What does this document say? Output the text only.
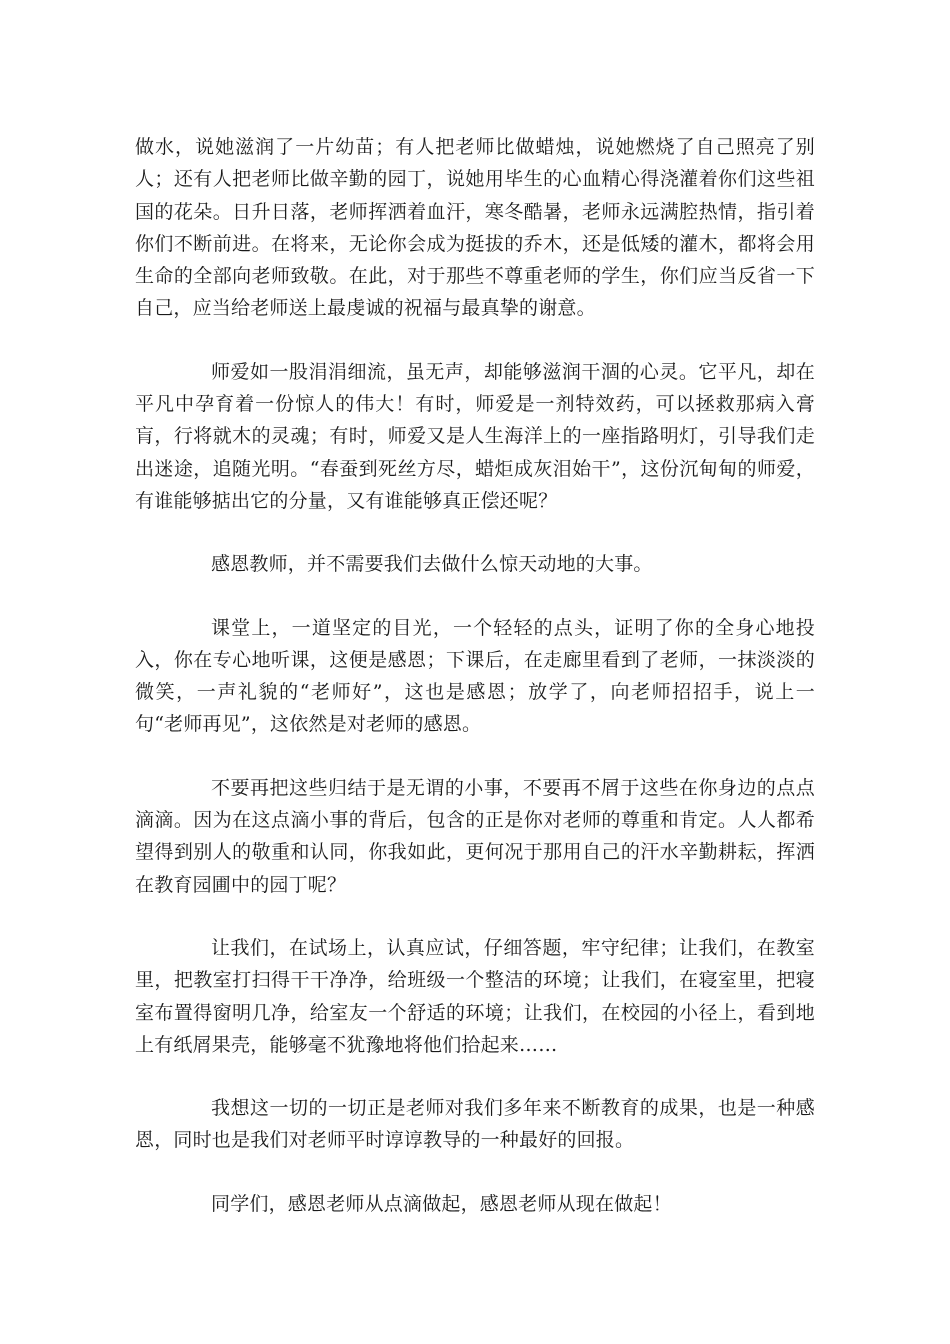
做水，说她滋润了一片幼苗；有人把老师比做蜡烛，说她燃烧了自己照亮了别人；还有人把老师比做辛勤的园丁，说她用毕生的心血精心得浇灌着你们这些祖国的花朵。日升日落，老师挥洒着血汗，寒冬酷暑，老师永远满腔热情，指引着你们不断前进。在将来，无论你会成为挺拔的乔木，还是低矮的灌木，都将会用生命的全部向老师致敬。在此，对于那些不尊重老师的学生，你们应当反省一下自己，应当给老师送上最虔诚的祝福与最真挚的谢意。

师爱如一股涓涓细流，虽无声，却能够滋润干涸的心灵。它平凡，却在平凡中孕育着一份惊人的伟大！有时，师爱是一剂特效药，可以拯救那病入膏肓，行将就木的灵魂；有时，师爱又是人生海洋上的一座指路明灯，引导我们走出迷途，追随光明。“春蚕到死丝方尽，蜡炬成灰泪始干”，这份沉甸甸的师爱，有谁能够掂出它的分量，又有谁能够真正偿还呢？

感恩教师，并不需要我们去做什么惊天动地的大事。

课堂上，一道坚定的目光，一个轻轻的点头，证明了你的全身心地投入，你在专心地听课，这便是感恩；下课后，在走廊里看到了老师，一抹淡淡的微笑，一声礼貌的“老师好”，这也是感恩；放学了，向老师招招手，说上一句“老师再见”，这依然是对老师的感恩。

不要再把这些归结于是无谓的小事，不要再不屑于这些在你身边的点点滴滴。因为在这点滴小事的背后，包含的正是你对老师的尊重和肯定。人人都希望得到别人的敬重和认同，你我如此，更何况于那用自己的汗水辛勤耕耘，挥洒在教育园圃中的园丁呢？

让我们，在试场上，认真应试，仔细答题，牢守纪律；让我们，在教室里，把教室打扫得干干净净，给班级一个整洁的环境；让我们，在寝室里，把寝室布置得窗明几净，给室友一个舒适的环境；让我们，在校园的小径上，看到地上有纸屑果壳，能够毫不犹豫地将他们拾起来……

我想这一切的一切正是老师对我们多年来不断教育的成果，也是一种感恩，同时也是我们对老师平时谆谆教导的一种最好的回报。

同学们，感恩老师从点滴做起，感恩老师从现在做起！
